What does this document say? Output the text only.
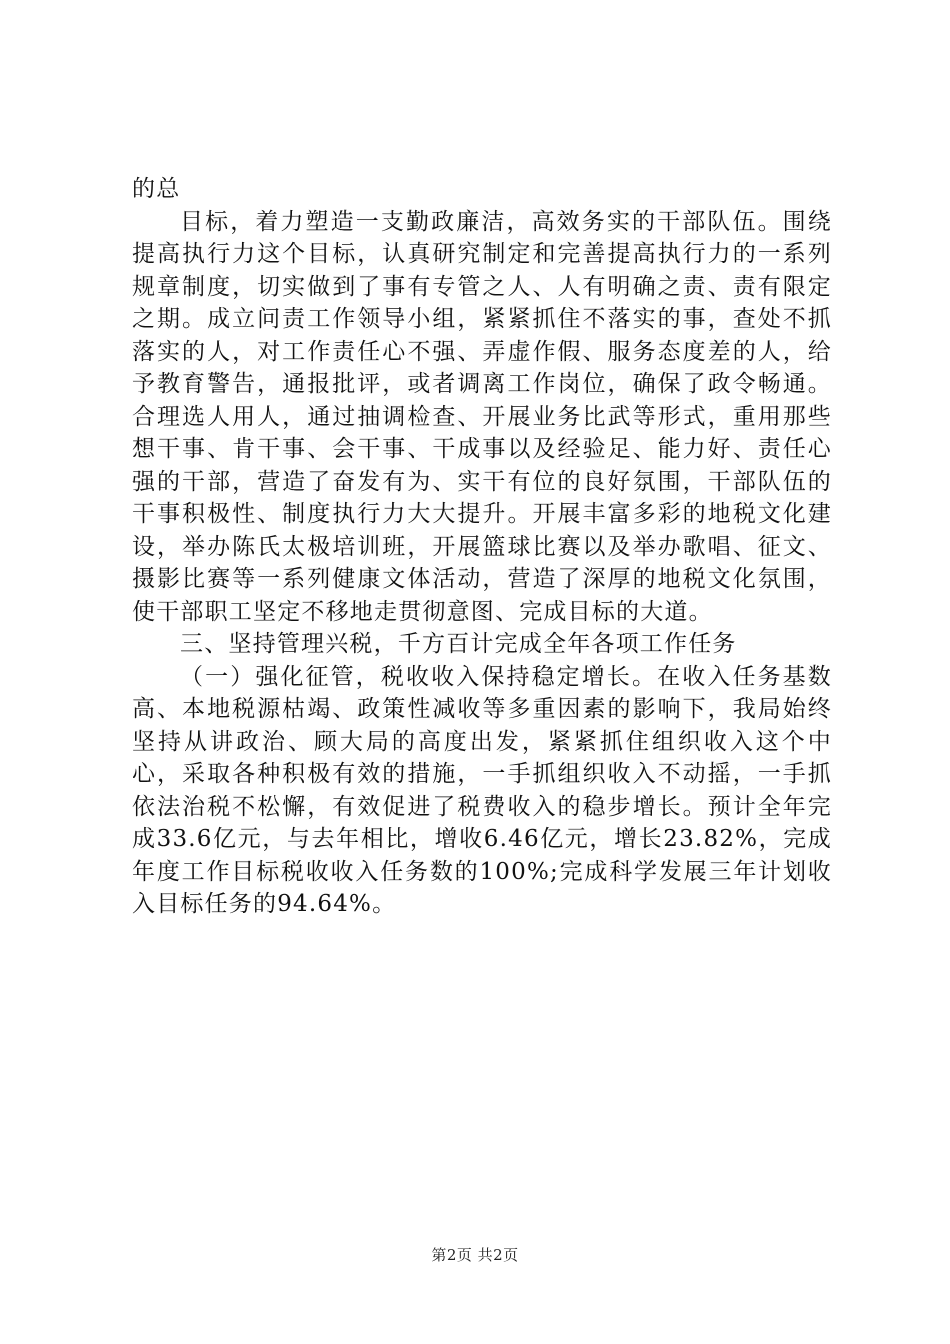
的总

目标，着力塑造一支勤政廉洁，高效务实的干部队伍。围绕提高执行力这个目标，认真研究制定和完善提高执行力的一系列规章制度，切实做到了事有专管之人、人有明确之责、责有限定之期。成立问责工作领导小组，紧紧抓住不落实的事，查处不抓落实的人，对工作责任心不强、弄虚作假、服务态度差的人，给予教育警告，通报批评，或者调离工作岗位，确保了政令畅通。合理选人用人，通过抽调检查、开展业务比武等形式，重用那些想干事、肯干事、会干事、干成事以及经验足、能力好、责任心强的干部，营造了奋发有为、实干有位的良好氛围，干部队伍的干事积极性、制度执行力大大提升。开展丰富多彩的地税文化建设，举办陈氏太极培训班，开展篮球比赛以及举办歌唱、征文、摄影比赛等一系列健康文体活动，营造了深厚的地税文化氛围，使干部职工坚定不移地走贯彻意图、完成目标的大道。

三、坚持管理兴税，千方百计完成全年各项工作任务

（一）强化征管，税收收入保持稳定增长。在收入任务基数高、本地税源枯竭、政策性减收等多重因素的影响下，我局始终坚持从讲政治、顾大局的高度出发，紧紧抓住组织收入这个中心，采取各种积极有效的措施，一手抓组织收入不动摇，一手抓依法治税不松懈，有效促进了税费收入的稳步增长。预计全年完成33.6亿元，与去年相比，增收6.46亿元，增长23.82%，完成年度工作目标税收收入任务数的100%;完成科学发展三年计划收入目标任务的94.64%。

第2页 共2页
